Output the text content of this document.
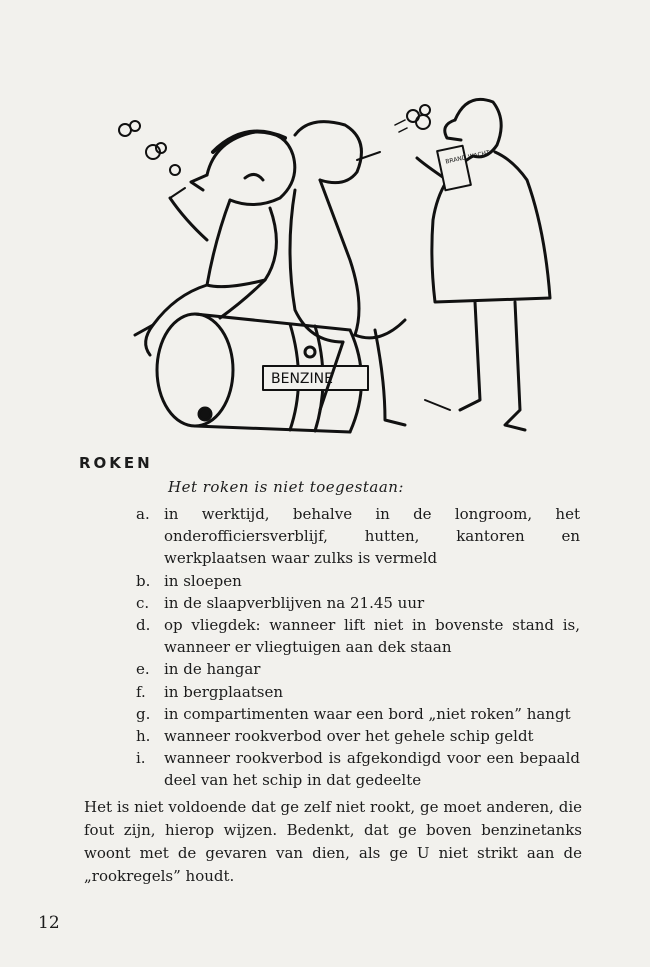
BENZINE
BRAND WACHT
ROKEN
Het roken is niet toegestaan:
a. in werktijd, behalve in de longroom, het onderofficiersverblijf, hutten, kantoren en werkplaatsen waar zulks is vermeld
b. in sloepen
c. in de slaapverblijven na 21.45 uur
d. op vliegdek: wanneer lift niet in bovenste stand is, wanneer er vliegtuigen aan dek staan
e. in de hangar
f. in bergplaatsen
g. in compartimenten waar een bord „niet roken” hangt
h. wanneer rookverbod over het gehele schip geldt
i. wanneer rookverbod is afgekondigd voor een bepaald deel van het schip in dat gedeelte

Het is niet voldoende dat ge zelf niet rookt, ge moet anderen, die fout zijn, hierop wijzen. Bedenkt, dat ge boven benzinetanks woont met de gevaren van dien, als ge U niet strikt aan de „rookregels” houdt.

12
